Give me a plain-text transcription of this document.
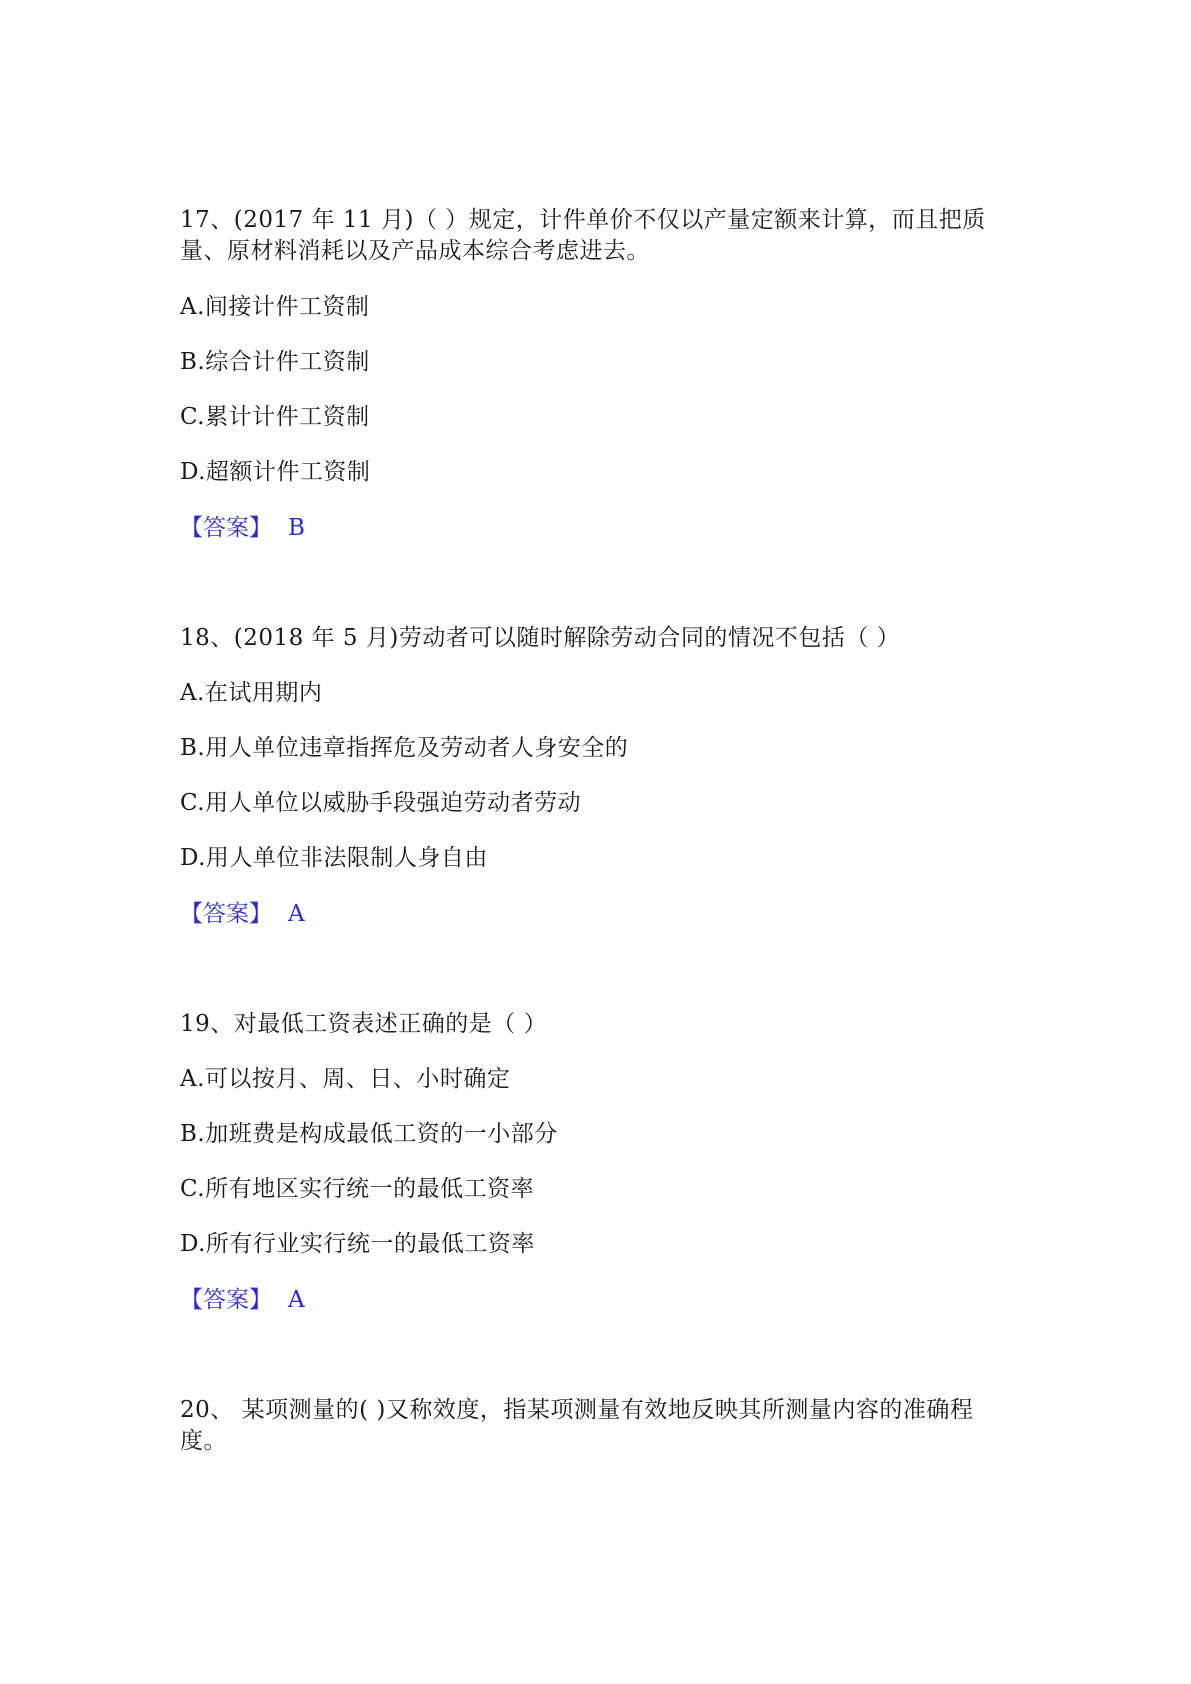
17、(2017 年 11 月)（ ）规定，计件单价不仅以产量定额来计算，而且把质
量、原材料消耗以及产品成本综合考虑进去。
A.间接计件工资制
B.综合计件工资制
C.累计计件工资制
D.超额计件工资制
【答案】 B
18、(2018 年 5 月)劳动者可以随时解除劳动合同的情况不包括（ ）
A.在试用期内
B.用人单位违章指挥危及劳动者人身安全的
C.用人单位以威胁手段强迫劳动者劳动
D.用人单位非法限制人身自由
【答案】 A
19、对最低工资表述正确的是（ ）
A.可以按月、周、日、小时确定
B.加班费是构成最低工资的一小部分
C.所有地区实行统一的最低工资率
D.所有行业实行统一的最低工资率
【答案】 A
20、 某项测量的( )又称效度，指某项测量有效地反映其所测量内容的准确程
度。
